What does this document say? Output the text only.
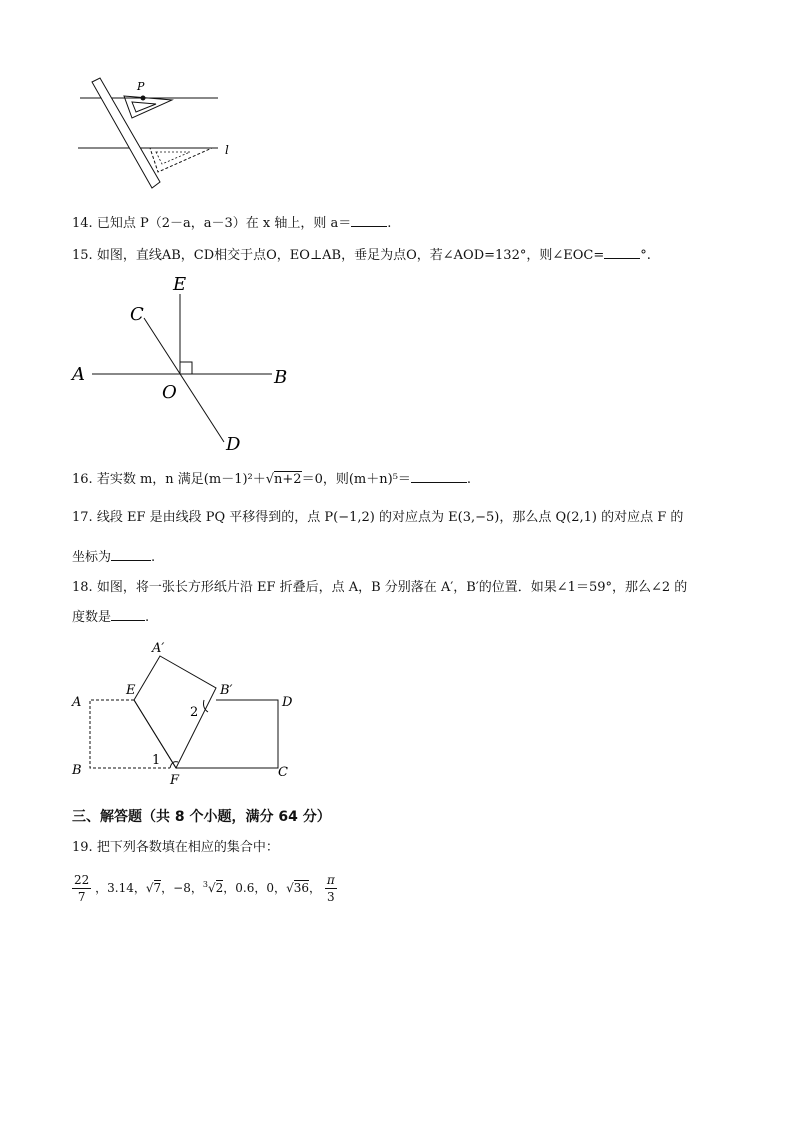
P
l
14. 已知点 P（2－a，a－3）在 x 轴上，则 a＝	.
15. 如图，直线AB，CD相交于点O，EO⊥AB，垂足为点O，若∠AOD=132°，则∠EOC=	°.
E
C
A
O
B
D
16. 若实数 m，n 满足(m－1)²＋√n+2＝0，则(m＋n)⁵＝	.
17. 线段 EF 是由线段 PQ 平移得到的，点 P(−1,2) 的对应点为 E(3,−5)，那么点 Q(2,1) 的对应点 F 的
坐标为	.
18. 如图，将一张长方形纸片沿 EF 折叠后，点 A，B 分别落在 A′，B′的位置．如果∠1＝59°，那么∠2 的
度数是	.
A′
E	B′
D
A
2
1
B
F
C
三、解答题（共 8 个小题，满分 64 分）
19. 把下列各数填在相应的集合中：
$\frac{22}{7}$ ，3.14，√7，−8，$^3$√2，0.6，0，√36， $\frac{\pi}{3}$
